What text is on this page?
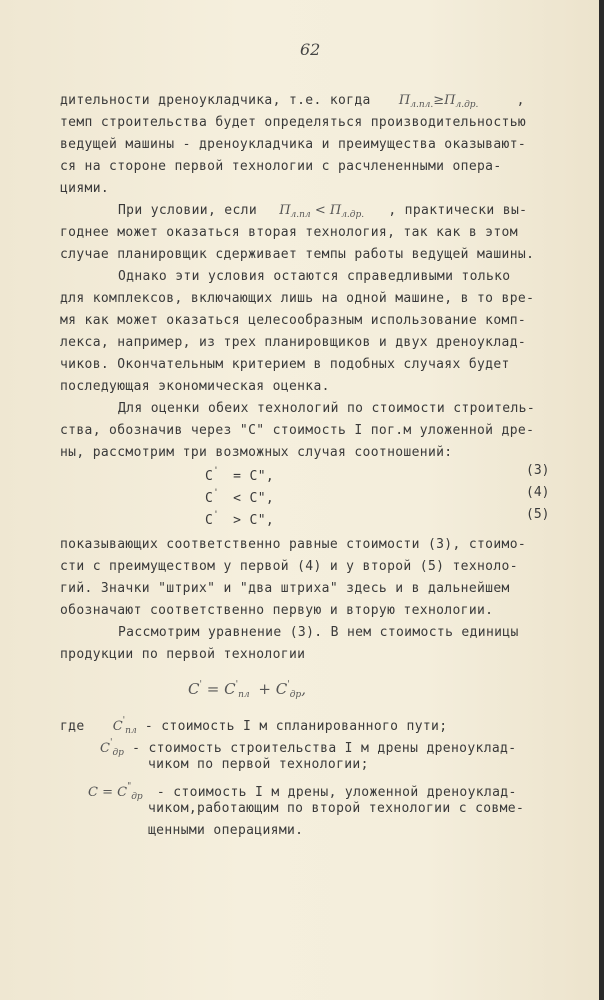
62
дительности дреноукладчика, т.е. когда $П_{л.пл.}\ge П_{л.др.}$	,
темп строительства будет определяться производительностью
ведущей машины - дреноукладчика и преимущества оказывают-
ся на стороне первой технологии с расчлененными опера-
циями.
При условии, если $П_{л.пл} < П_{л.др.}$ , практически вы-
годнее может оказаться вторая технология, так как в этом
случае планировщик сдерживает темпы работы ведущей машины.
Однако эти условия остаются справедливыми только
для комплексов, включающих лишь на одной машине, в то вре-
мя как может оказаться целесообразным использование комп-
лекса, например, из трех планировщиков и двух дреноуклад-
чиков. Окончательным критерием в подобных случаях будет
последующая экономическая оценка.
Для оценки обеих технологий по стоимости строитель-
ства, обозначив через "С" стоимость I пог.м уложенной дре-
ны, рассмотрим три возможных случая соотношений:
С' = С",	(3)
С' < С",	(4)
С' > С",	(5)
показывающих соответственно равные стоимости (3), стоимо-
сти с преимуществом у первой (4) и у второй (5) техноло-
гий. Значки "штрих" и "два штриха" здесь и в дальнейшем
обозначают соответственно первую и вторую технологии.
Рассмотрим уравнение (3). В нем стоимость единицы
продукции по первой технологии
$С' = С'_{пл} + С'_{др}$,
где $С'_{пл}$ - стоимость I м спланированного пути;
$С'_{др}$ - стоимость строительства I м дрены дреноуклад-
чиком по первой технологии;
$С = С^"_{др}$ - стоимость I м дрены, уложенной дреноуклад-
чиком,работающим по второй технологии с совме-
щенными операциями.
